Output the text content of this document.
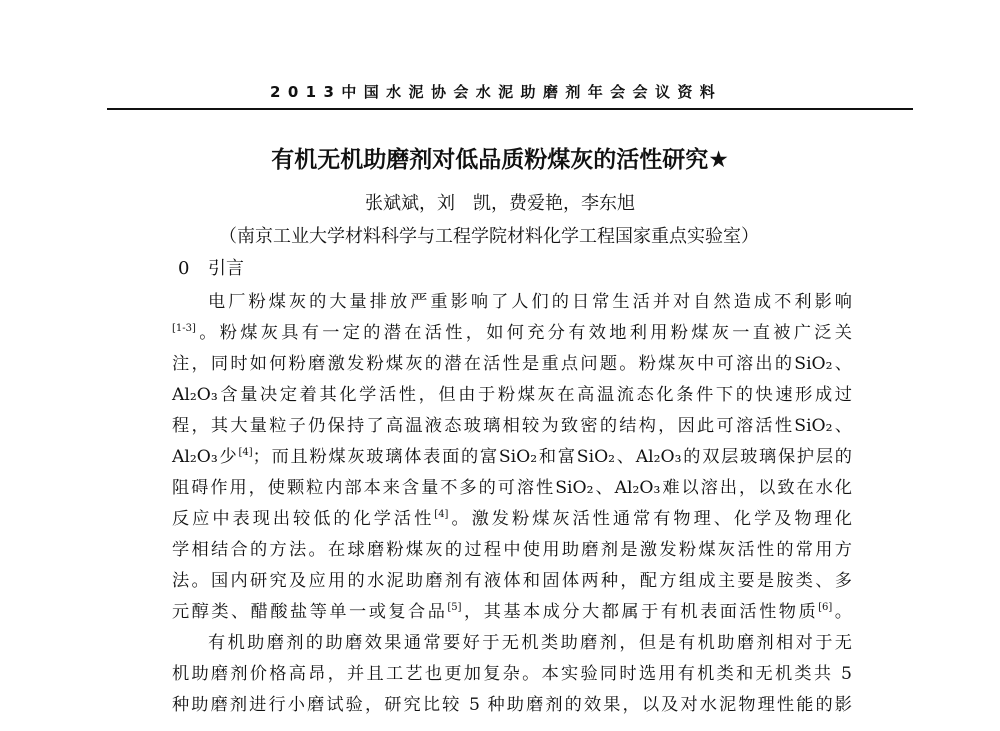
2013中国水泥协会水泥助磨剂年会会议资料
有机无机助磨剂对低品质粉煤灰的活性研究★
张斌斌，刘　凯，费爱艳，李东旭
（南京工业大学材料科学与工程学院材料化学工程国家重点实验室）
0 引言
电厂粉煤灰的大量排放严重影响了人们的日常生活并对自然造成不利影响
[1-3]。粉煤灰具有一定的潜在活性，如何充分有效地利用粉煤灰一直被广泛关
注，同时如何粉磨激发粉煤灰的潜在活性是重点问题。粉煤灰中可溶出的SiO₂、
Al₂O₃含量决定着其化学活性，但由于粉煤灰在高温流态化条件下的快速形成过
程，其大量粒子仍保持了高温液态玻璃相较为致密的结构，因此可溶活性SiO₂、
Al₂O₃少[4]；而且粉煤灰玻璃体表面的富SiO₂和富SiO₂、Al₂O₃的双层玻璃保护层的
阻碍作用，使颗粒内部本来含量不多的可溶性SiO₂、Al₂O₃难以溶出，以致在水化
反应中表现出较低的化学活性[4]。激发粉煤灰活性通常有物理、化学及物理化
学相结合的方法。在球磨粉煤灰的过程中使用助磨剂是激发粉煤灰活性的常用方
法。国内研究及应用的水泥助磨剂有液体和固体两种，配方组成主要是胺类、多
元醇类、醋酸盐等单一或复合品[5]，其基本成分大都属于有机表面活性物质[6]。
有机助磨剂的助磨效果通常要好于无机类助磨剂，但是有机助磨剂相对于无
机助磨剂价格高昂，并且工艺也更加复杂。本实验同时选用有机类和无机类共 5
种助磨剂进行小磨试验，研究比较 5 种助磨剂的效果，以及对水泥物理性能的影
